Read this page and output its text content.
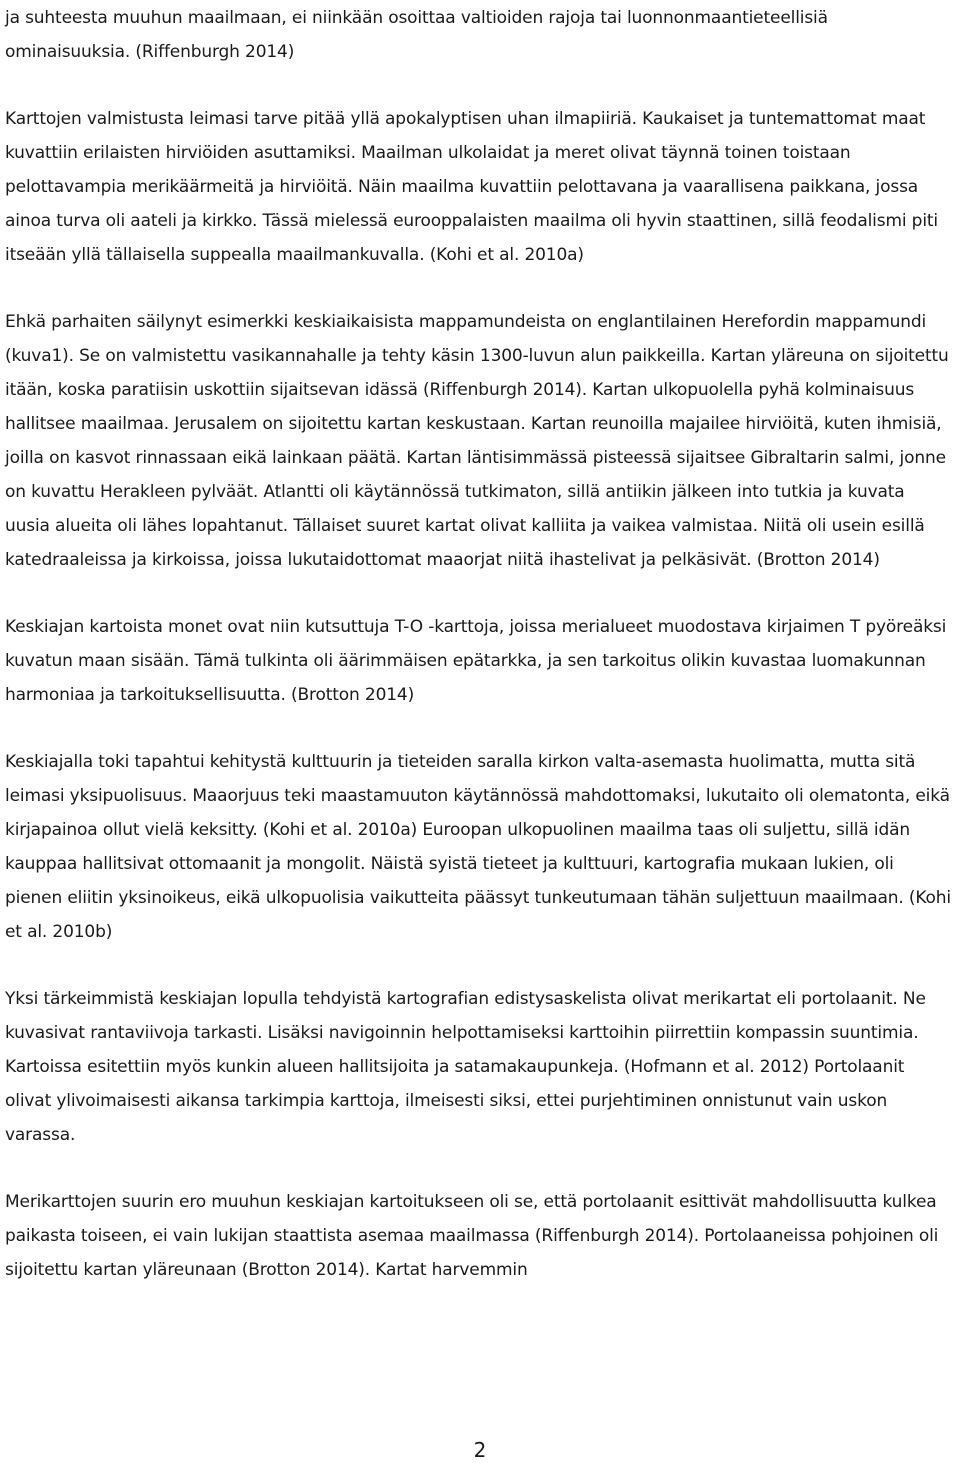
ja suhteesta muuhun maailmaan, ei niinkään osoittaa valtioiden rajoja tai luonnonmaantieteellisiä ominaisuuksia. (Riffenburgh 2014)

Karttojen valmistusta leimasi tarve pitää yllä apokalyptisen uhan ilmapiiriä. Kaukaiset ja tuntemattomat maat kuvattiin erilaisten hirviöiden asuttamiksi. Maailman ulkolaidat ja meret olivat täynnä toinen toistaan pelottavampia merikäärmeitä ja hirviöitä. Näin maailma kuvattiin pelottavana ja vaarallisena paikkana, jossa ainoa turva oli aateli ja kirkko. Tässä mielessä eurooppalaisten maailma oli hyvin staattinen, sillä feodalismi piti itseään yllä tällaisella suppealla maailmankuvalla. (Kohi et al. 2010a)

Ehkä parhaiten säilynyt esimerkki keskiaikaisista mappamundeista on englantilainen Herefordin mappamundi (kuva1). Se on valmistettu vasikannahalle ja tehty käsin 1300-luvun alun paikkeilla. Kartan yläreuna on sijoitettu itään, koska paratiisin uskottiin sijaitsevan idässä (Riffenburgh 2014). Kartan ulkopuolella pyhä kolminaisuus hallitsee maailmaa. Jerusalem on sijoitettu kartan keskustaan. Kartan reunoilla majailee hirviöitä, kuten ihmisiä, joilla on kasvot rinnassaan eikä lainkaan päätä. Kartan läntisimmässä pisteessä sijaitsee Gibraltarin salmi, jonne on kuvattu Herakleen pylväät. Atlantti oli käytännössä tutkimaton, sillä antiikin jälkeen into tutkia ja kuvata uusia alueita oli lähes lopahtanut. Tällaiset suuret kartat olivat kalliita ja vaikea valmistaa. Niitä oli usein esillä katedraaleissa ja kirkoissa, joissa lukutaidottomat maaorjat niitä ihastelivat ja pelkäsivät. (Brotton 2014)

Keskiajan kartoista monet ovat niin kutsuttuja T-O -karttoja, joissa merialueet muodostava kirjaimen T pyöreäksi kuvatun maan sisään. Tämä tulkinta oli äärimmäisen epätarkka, ja sen tarkoitus olikin kuvastaa luomakunnan harmoniaa ja tarkoituksellisuutta. (Brotton 2014)

Keskiajalla toki tapahtui kehitystä kulttuurin ja tieteiden saralla kirkon valta-asemasta huolimatta, mutta sitä leimasi yksipuolisuus. Maaorjuus teki maastamuuton käytännössä mahdottomaksi, lukutaito oli olematonta, eikä kirjapainoa ollut vielä keksitty. (Kohi et al. 2010a) Euroopan ulkopuolinen maailma taas oli suljettu, sillä idän kauppaa hallitsivat ottomaanit ja mongolit. Näistä syistä tieteet ja kulttuuri, kartografia mukaan lukien, oli pienen eliitin yksinoikeus, eikä ulkopuolisia vaikutteita päässyt tunkeutumaan tähän suljettuun maailmaan. (Kohi et al. 2010b)

Yksi tärkeimmistä keskiajan lopulla tehdyistä kartografian edistysaskelista olivat merikartat eli portolaanit. Ne kuvasivat rantaviivoja tarkasti. Lisäksi navigoinnin helpottamiseksi karttoihin piirrettiin kompassin suuntimia. Kartoissa esitettiin myös kunkin alueen hallitsijoita ja satamakaupunkeja. (Hofmann et al. 2012) Portolaanit olivat ylivoimaisesti aikansa tarkimpia karttoja, ilmeisesti siksi, ettei purjehtiminen onnistunut vain uskon varassa.

Merikarttojen suurin ero muuhun keskiajan kartoitukseen oli se, että portolaanit esittivät mahdollisuutta kulkea paikasta toiseen, ei vain lukijan staattista asemaa maailmassa (Riffenburgh 2014). Portolaaneissa pohjoinen oli sijoitettu kartan yläreunaan (Brotton 2014). Kartat harvemmin

2
